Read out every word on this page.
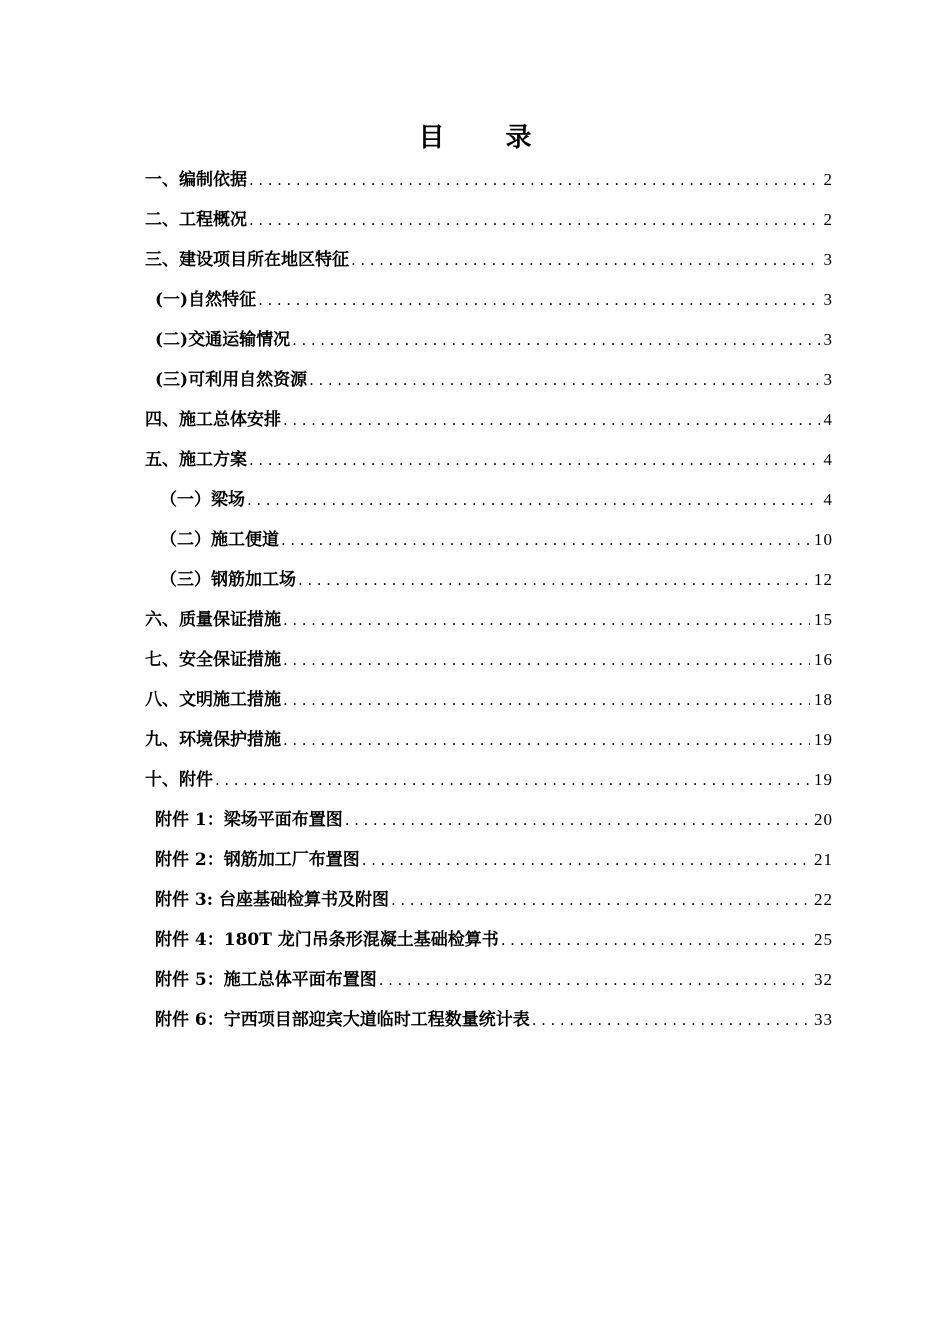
目 录
一、编制依据 .....	2
二、工程概况 .....	2
三、建设项目所在地区特征 .....	3
(一)自然特征 .....	3
(二)交通运输情况 .....	3
(三)可利用自然资源 .....	3
四、施工总体安排 .....	4
五、施工方案 .....	4
（一）梁场 .....	4
（二）施工便道 .....	10
（三）钢筋加工场 .....	12
六、质量保证措施 .....	15
七、安全保证措施 .....	16
八、文明施工措施 .....	18
九、环境保护措施 .....	19
十、附件 .....	19
附件 1：梁场平面布置图 .....	20
附件 2：钢筋加工厂布置图 .....	21
附件 3: 台座基础检算书及附图 .....	22
附件 4：180T 龙门吊条形混凝土基础检算书 .....	25
附件 5：施工总体平面布置图 .....	32
附件 6：宁西项目部迎宾大道临时工程数量统计表 .....	33
